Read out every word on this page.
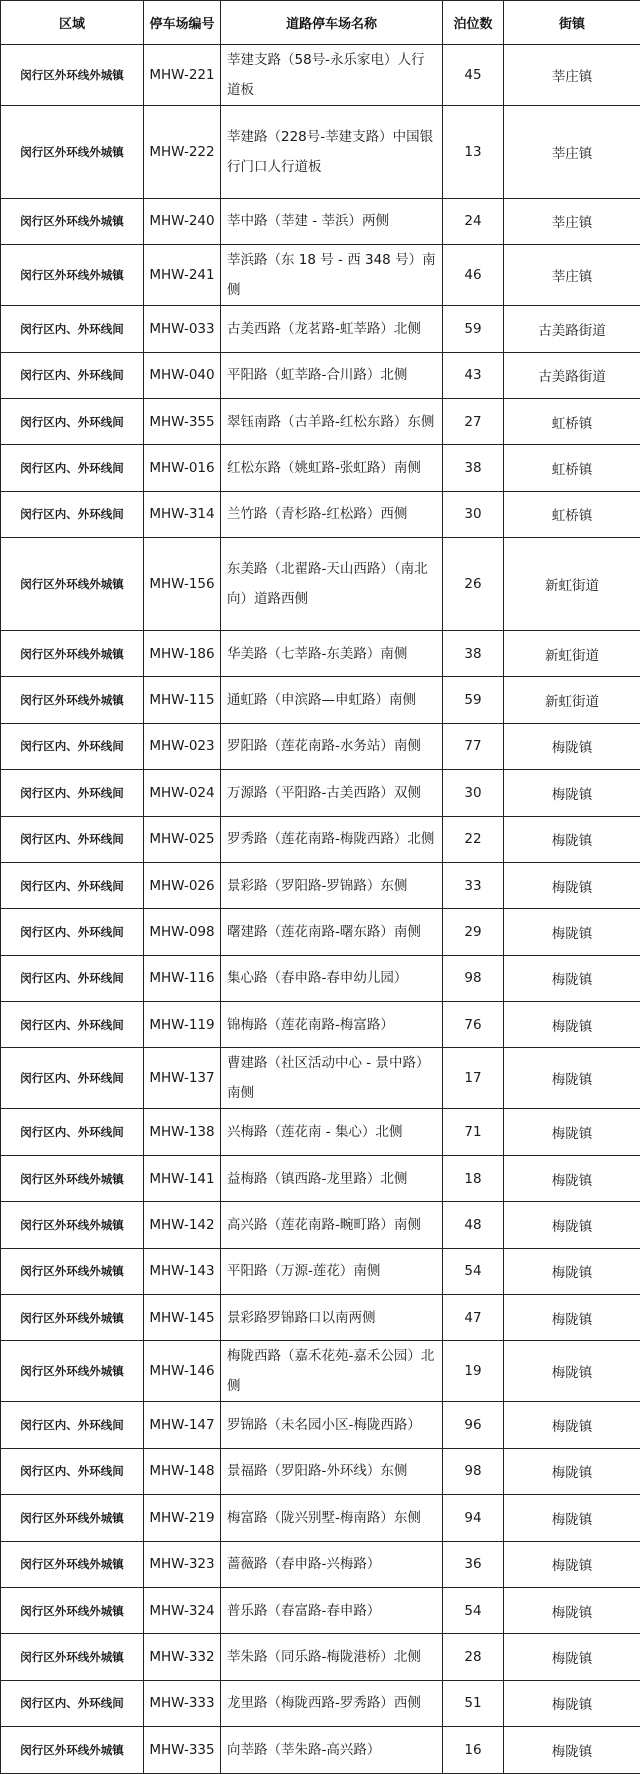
区域	停车场编号	道路停车场名称	泊位数	街镇
闵行区外环线外城镇	MHW-221	莘建支路（58号-永乐家电）人行道板	45	莘庄镇
闵行区外环线外城镇	MHW-222	莘建路（228号-莘建支路）中国银行门口人行道板	13	莘庄镇
闵行区外环线外城镇	MHW-240	莘中路（莘建 - 莘浜）两侧	24	莘庄镇
闵行区外环线外城镇	MHW-241	莘浜路（东 18 号 - 西 348 号）南侧	46	莘庄镇
闵行区内、外环线间	MHW-033	古美西路（龙茗路-虹莘路）北侧	59	古美路街道
闵行区内、外环线间	MHW-040	平阳路（虹莘路-合川路）北侧	43	古美路街道
闵行区内、外环线间	MHW-355	翠钰南路（古羊路-红松东路）东侧	27	虹桥镇
闵行区内、外环线间	MHW-016	红松东路（姚虹路-张虹路）南侧	38	虹桥镇
闵行区内、外环线间	MHW-314	兰竹路（青杉路-红松路）西侧	30	虹桥镇
闵行区外环线外城镇	MHW-156	东美路（北翟路-天山西路）（南北向）道路西侧	26	新虹街道
闵行区外环线外城镇	MHW-186	华美路（七莘路-东美路）南侧	38	新虹街道
闵行区外环线外城镇	MHW-115	通虹路（申滨路—申虹路）南侧	59	新虹街道
闵行区内、外环线间	MHW-023	罗阳路（莲花南路-水务站）南侧	77	梅陇镇
闵行区内、外环线间	MHW-024	万源路（平阳路-古美西路）双侧	30	梅陇镇
闵行区内、外环线间	MHW-025	罗秀路（莲花南路-梅陇西路）北侧	22	梅陇镇
闵行区内、外环线间	MHW-026	景彩路（罗阳路-罗锦路）东侧	33	梅陇镇
闵行区内、外环线间	MHW-098	曙建路（莲花南路-曙东路）南侧	29	梅陇镇
闵行区内、外环线间	MHW-116	集心路（春申路-春申幼儿园）	98	梅陇镇
闵行区内、外环线间	MHW-119	锦梅路（莲花南路-梅富路）	76	梅陇镇
闵行区内、外环线间	MHW-137	曹建路（社区活动中心 - 景中路）南侧	17	梅陇镇
闵行区内、外环线间	MHW-138	兴梅路（莲花南 - 集心）北侧	71	梅陇镇
闵行区外环线外城镇	MHW-141	益梅路（镇西路-龙里路）北侧	18	梅陇镇
闵行区外环线外城镇	MHW-142	高兴路（莲花南路-畹町路）南侧	48	梅陇镇
闵行区外环线外城镇	MHW-143	平阳路（万源-莲花）南侧	54	梅陇镇
闵行区外环线外城镇	MHW-145	景彩路罗锦路口以南两侧	47	梅陇镇
闵行区外环线外城镇	MHW-146	梅陇西路（嘉禾花苑-嘉禾公园）北侧	19	梅陇镇
闵行区内、外环线间	MHW-147	罗锦路（未名园小区-梅陇西路）	96	梅陇镇
闵行区内、外环线间	MHW-148	景福路（罗阳路-外环线）东侧	98	梅陇镇
闵行区外环线外城镇	MHW-219	梅富路（陇兴别墅-梅南路）东侧	94	梅陇镇
闵行区外环线外城镇	MHW-323	蔷薇路（春申路-兴梅路）	36	梅陇镇
闵行区外环线外城镇	MHW-324	普乐路（春富路-春申路）	54	梅陇镇
闵行区外环线外城镇	MHW-332	莘朱路（同乐路-梅陇港桥）北侧	28	梅陇镇
闵行区内、外环线间	MHW-333	龙里路（梅陇西路-罗秀路）西侧	51	梅陇镇
闵行区外环线外城镇	MHW-335	向莘路（莘朱路-高兴路）	16	梅陇镇
